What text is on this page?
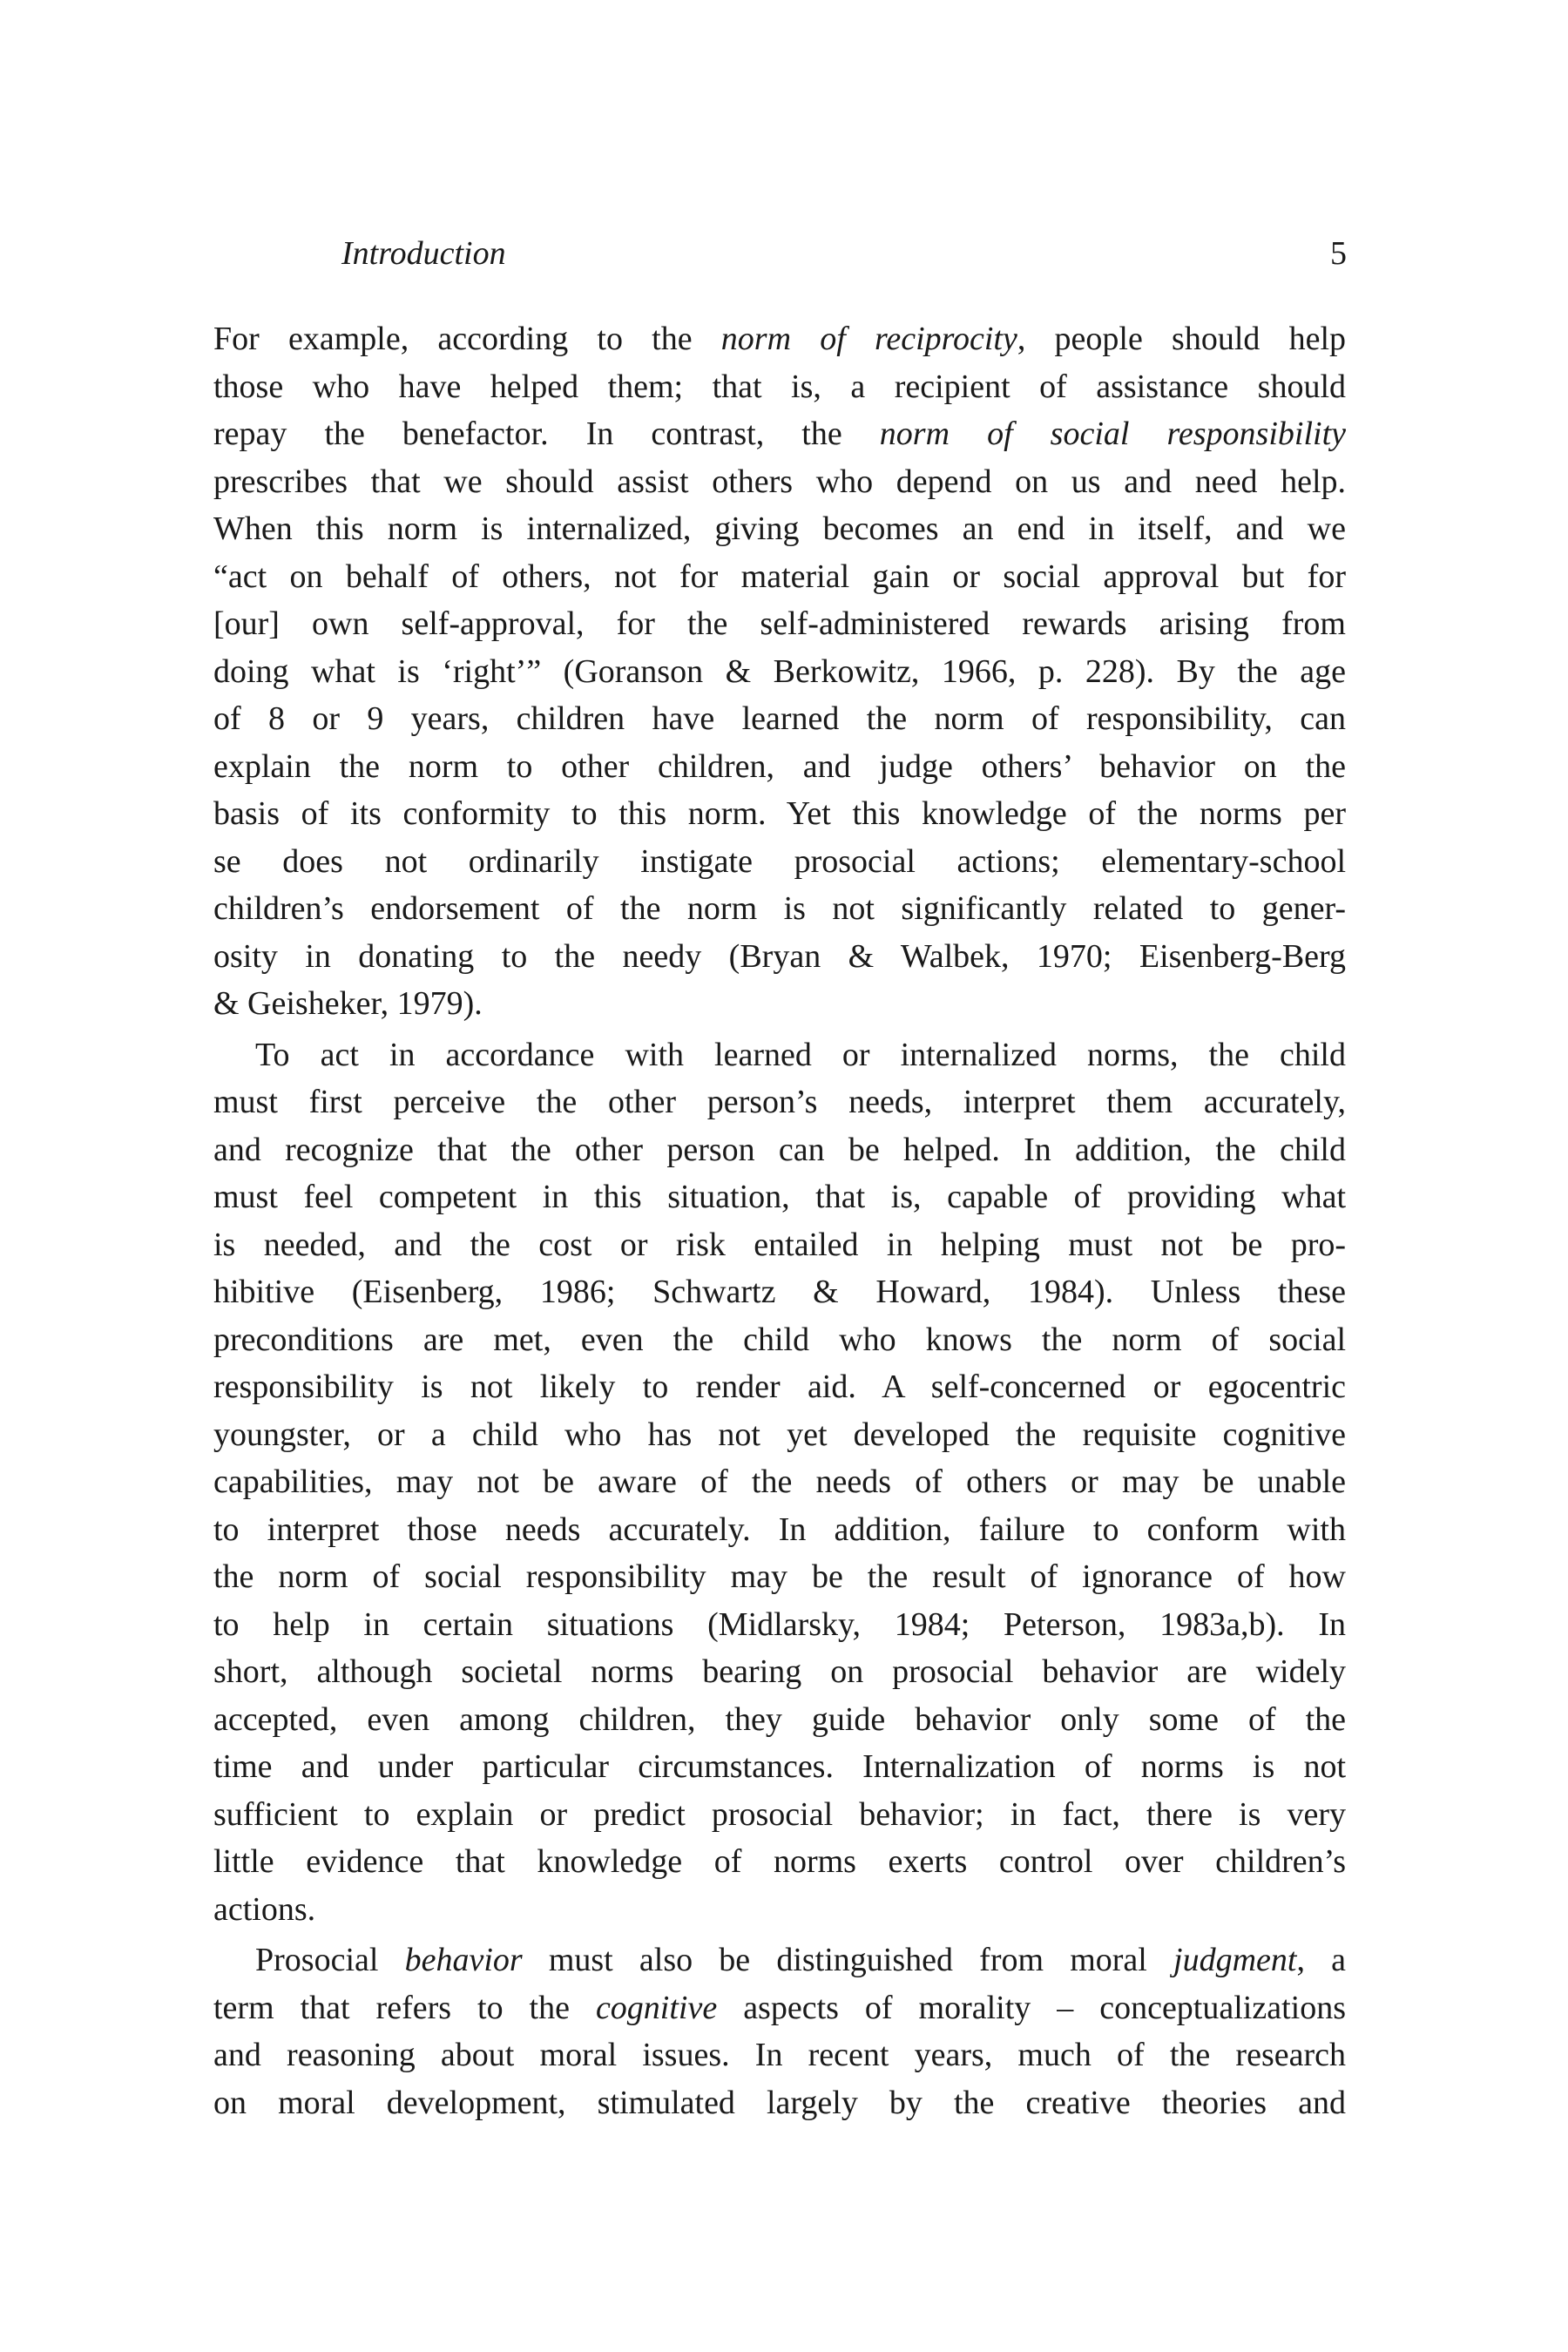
Introduction	5
For example, according to the norm of reciprocity, people should help
those who have helped them; that is, a recipient of assistance should
repay the benefactor. In contrast, the norm of social responsibility
prescribes that we should assist others who depend on us and need help.
When this norm is internalized, giving becomes an end in itself, and we
“act on behalf of others, not for material gain or social approval but for
[our] own self-approval, for the self-administered rewards arising from
doing what is ‘right’” (Goranson & Berkowitz, 1966, p. 228). By the age
of 8 or 9 years, children have learned the norm of responsibility, can
explain the norm to other children, and judge others’ behavior on the
basis of its conformity to this norm. Yet this knowledge of the norms per
se does not ordinarily instigate prosocial actions; elementary-school
children’s endorsement of the norm is not significantly related to gener-
osity in donating to the needy (Bryan & Walbek, 1970; Eisenberg-Berg
& Geisheker, 1979).
To act in accordance with learned or internalized norms, the child
must first perceive the other person’s needs, interpret them accurately,
and recognize that the other person can be helped. In addition, the child
must feel competent in this situation, that is, capable of providing what
is needed, and the cost or risk entailed in helping must not be pro-
hibitive (Eisenberg, 1986; Schwartz & Howard, 1984). Unless these
preconditions are met, even the child who knows the norm of social
responsibility is not likely to render aid. A self-concerned or egocentric
youngster, or a child who has not yet developed the requisite cognitive
capabilities, may not be aware of the needs of others or may be unable
to interpret those needs accurately. In addition, failure to conform with
the norm of social responsibility may be the result of ignorance of how
to help in certain situations (Midlarsky, 1984; Peterson, 1983a,b). In
short, although societal norms bearing on prosocial behavior are widely
accepted, even among children, they guide behavior only some of the
time and under particular circumstances. Internalization of norms is not
sufficient to explain or predict prosocial behavior; in fact, there is very
little evidence that knowledge of norms exerts control over children’s
actions.
Prosocial behavior must also be distinguished from moral judgment, a
term that refers to the cognitive aspects of morality – conceptualizations
and reasoning about moral issues. In recent years, much of the research
on moral development, stimulated largely by the creative theories and
